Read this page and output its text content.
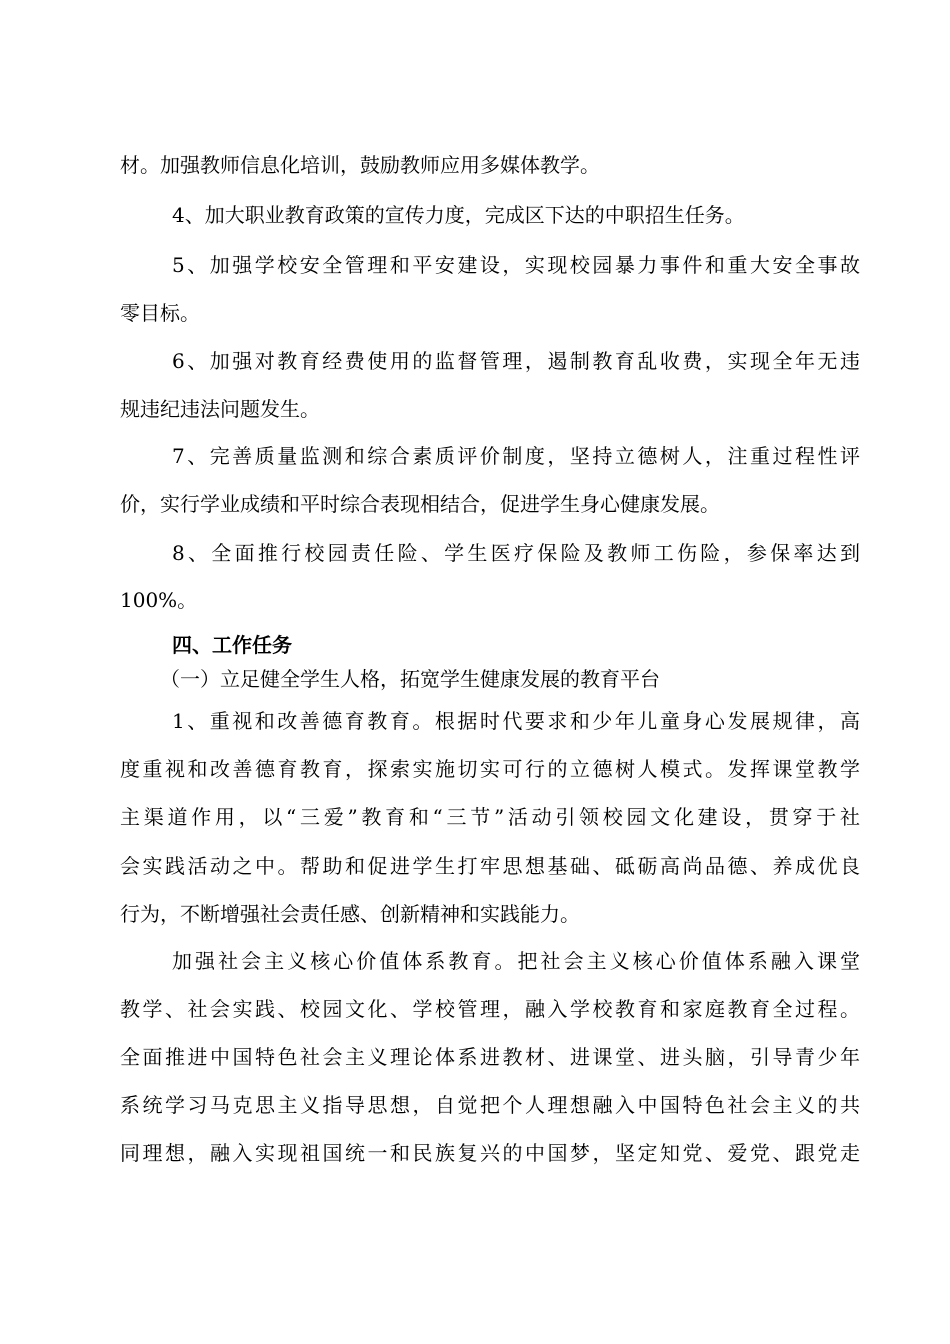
材。加强教师信息化培训，鼓励教师应用多媒体教学。
4、加大职业教育政策的宣传力度，完成区下达的中职招生任务。
5、加强学校安全管理和平安建设，实现校园暴力事件和重大安全事故
零目标。
6、加强对教育经费使用的监督管理，遏制教育乱收费，实现全年无违
规违纪违法问题发生。
7、完善质量监测和综合素质评价制度，坚持立德树人，注重过程性评
价，实行学业成绩和平时综合表现相结合，促进学生身心健康发展。
8、全面推行校园责任险、学生医疗保险及教师工伤险，参保率达到
100%。
四、工作任务
（一）立足健全学生人格，拓宽学生健康发展的教育平台
1、重视和改善德育教育。根据时代要求和少年儿童身心发展规律，高
度重视和改善德育教育，探索实施切实可行的立德树人模式。发挥课堂教学
主渠道作用，以“三爱”教育和“三节”活动引领校园文化建设，贯穿于社
会实践活动之中。帮助和促进学生打牢思想基础、砥砺高尚品德、养成优良
行为，不断增强社会责任感、创新精神和实践能力。
加强社会主义核心价值体系教育。把社会主义核心价值体系融入课堂
教学、社会实践、校园文化、学校管理，融入学校教育和家庭教育全过程。
全面推进中国特色社会主义理论体系进教材、进课堂、进头脑，引导青少年
系统学习马克思主义指导思想，自觉把个人理想融入中国特色社会主义的共
同理想，融入实现祖国统一和民族复兴的中国梦，坚定知党、爱党、跟党走
